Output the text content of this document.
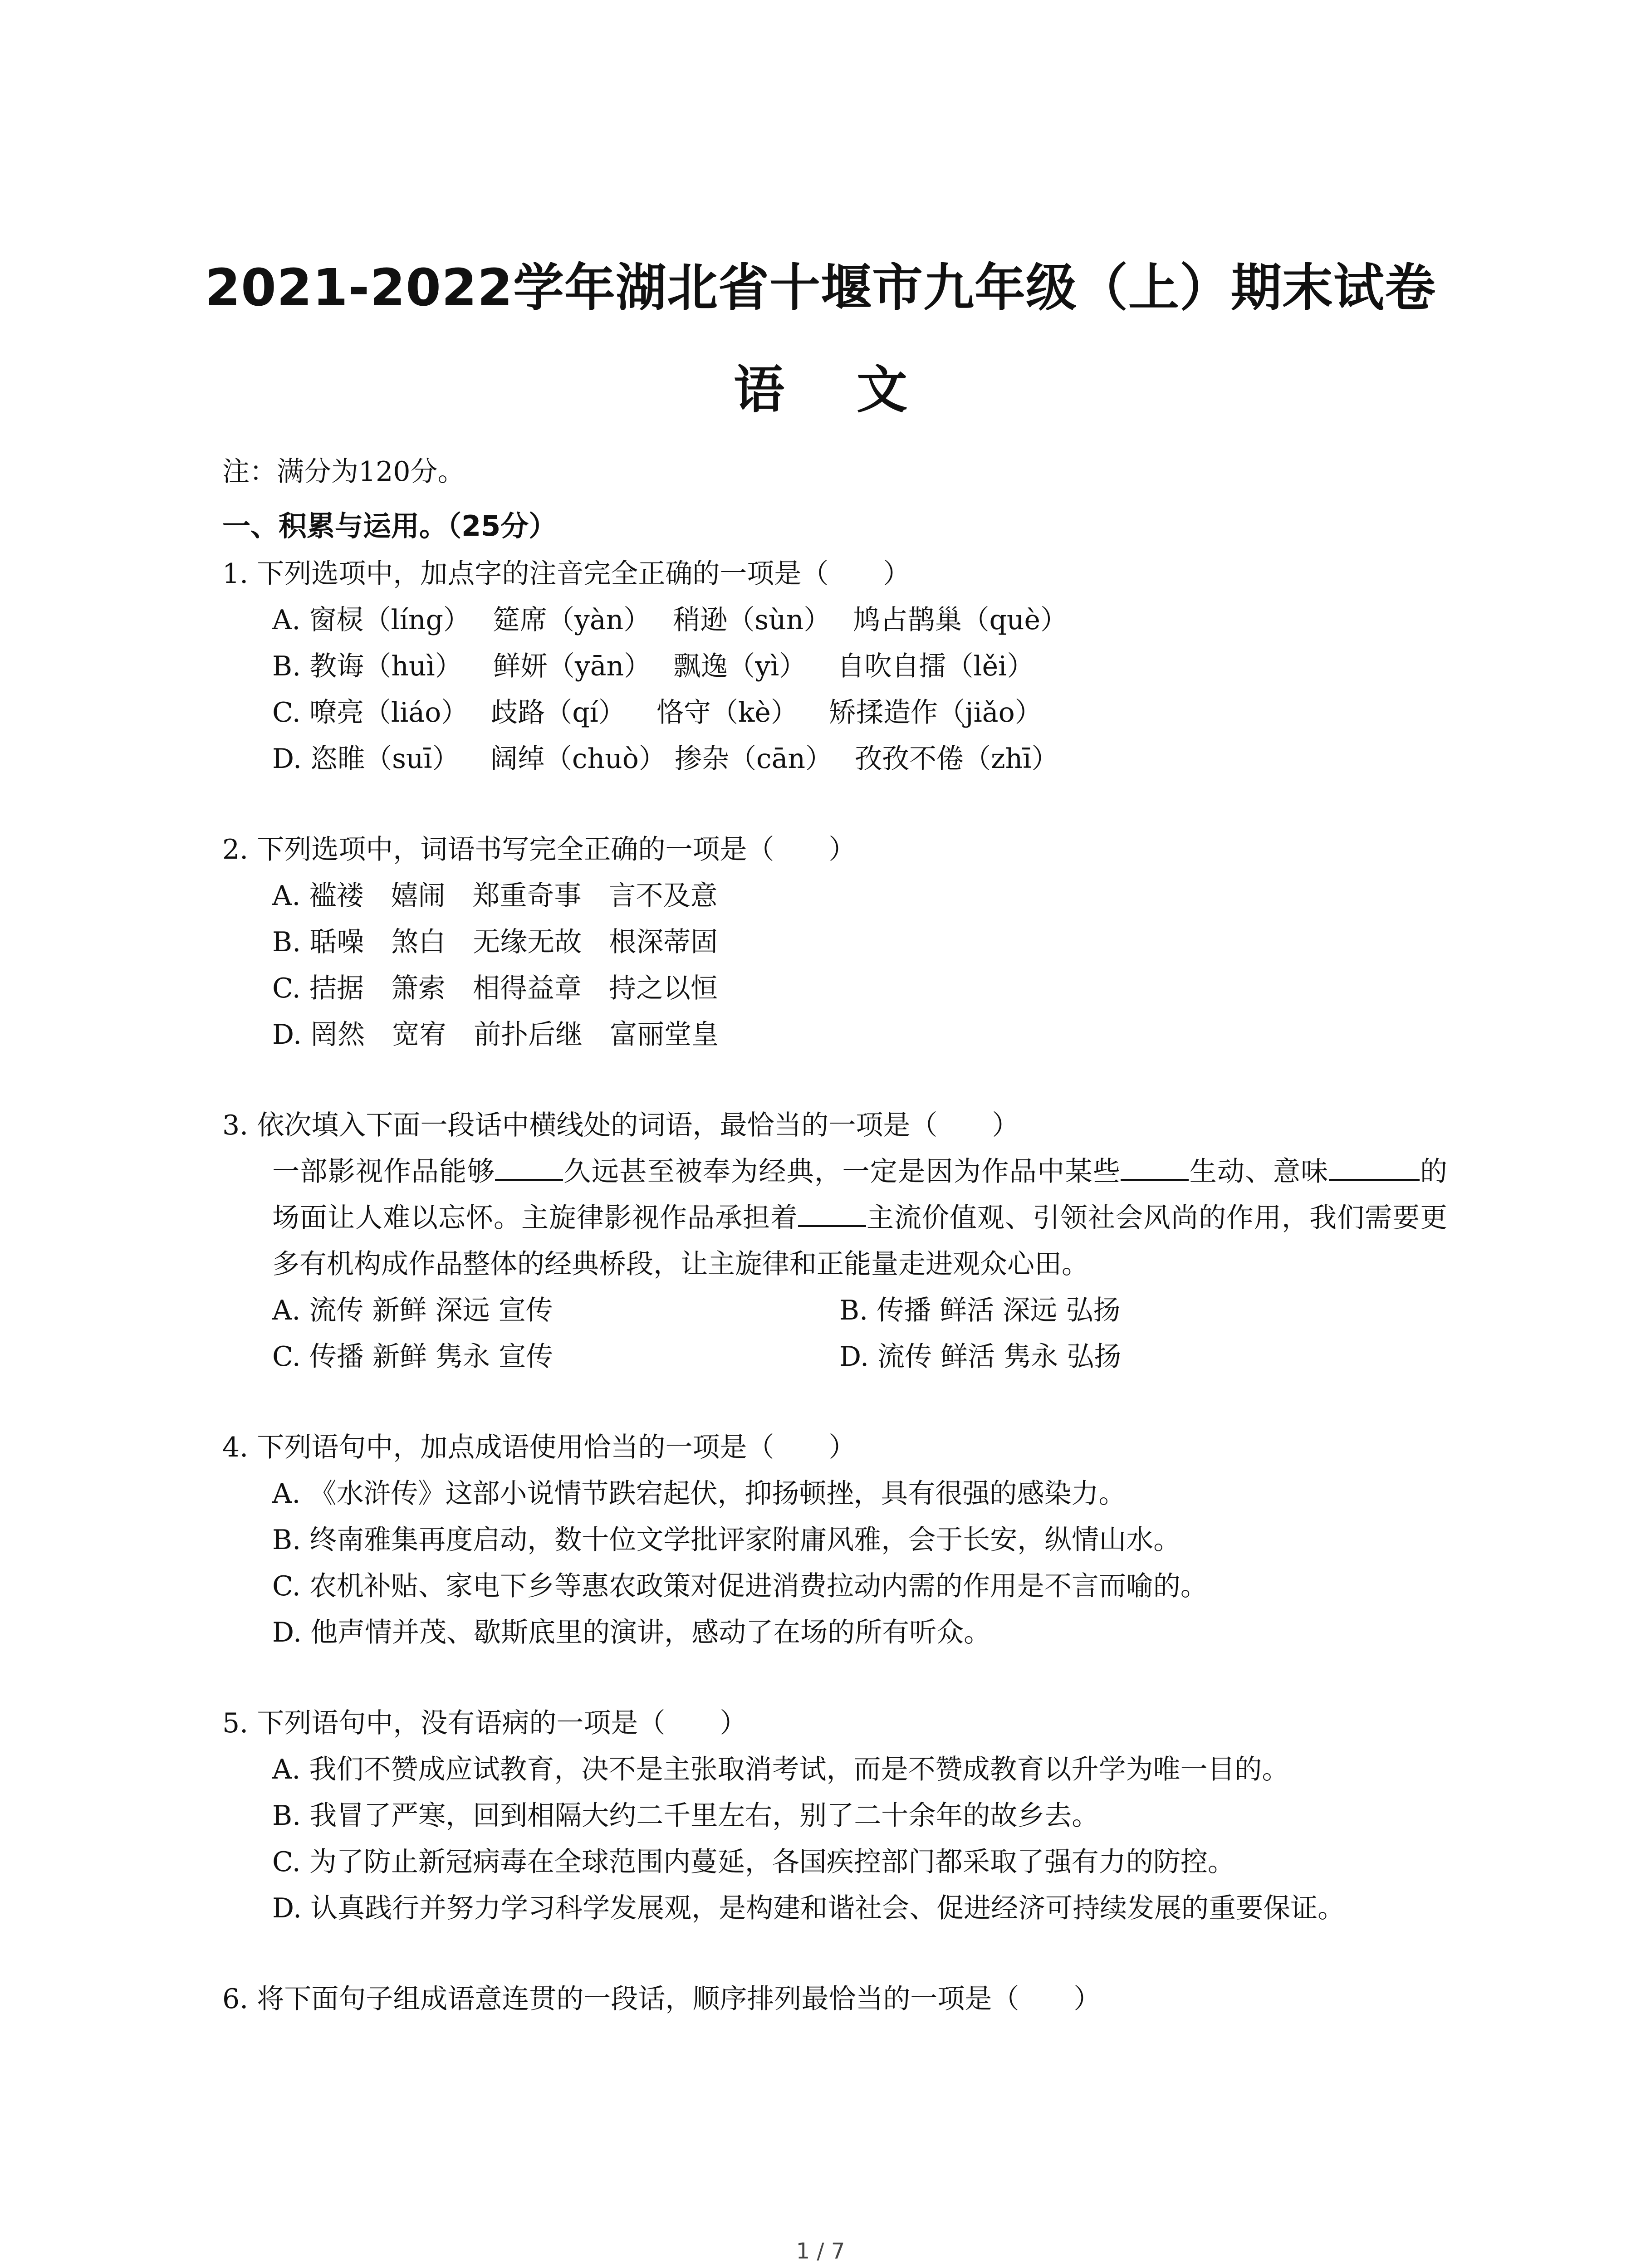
2021-2022学年湖北省十堰市九年级（上）期末试卷
语 文
注：满分为120分。
一、积累与运用。（25分）
1. 下列选项中，加点字的注音完全正确的一项是（　　）
A. 窗棂（líng）　 筵席（yàn）　 稍逊（sùn）　 鸠占鹊巢（què）
B. 教诲（huì）　  鲜妍（yān）　 飘逸（yì）　  自吹自擂（lěi）
C. 嘹亮（liáo）　 歧路（qí）　  恪守（kè）　  矫揉造作（jiǎo）
D. 恣睢（suī）　  阔绰（chuò） 掺杂（cān）　 孜孜不倦（zhī）
2. 下列选项中，词语书写完全正确的一项是（　　）
A. 褴褛　嬉闹　郑重奇事　言不及意
B. 聒噪　煞白　无缘无故　根深蒂固
C. 拮据　箫索　相得益章　持之以恒
D. 罔然　宽宥　前扑后继　富丽堂皇
3. 依次填入下面一段话中横线处的词语，最恰当的一项是（　　）
一部影视作品能够	久远甚至被奉为经典，一定是因为作品中某些	生动、意味	的场面让人难以忘怀。主旋律影视作品承担着	主流价值观、引领社会风尚的作用，我们需要更多有机构成作品整体的经典桥段，让主旋律和正能量走进观众心田。
A. 流传 新鲜 深远 宣传	B. 传播 鲜活 深远 弘扬
C. 传播 新鲜 隽永 宣传	D. 流传 鲜活 隽永 弘扬
4. 下列语句中，加点成语使用恰当的一项是（　　）
A. 《水浒传》这部小说情节跌宕起伏，抑扬顿挫，具有很强的感染力。
B. 终南雅集再度启动，数十位文学批评家附庸风雅，会于长安，纵情山水。
C. 农机补贴、家电下乡等惠农政策对促进消费拉动内需的作用是不言而喻的。
D. 他声情并茂、歇斯底里的演讲，感动了在场的所有听众。
5. 下列语句中，没有语病的一项是（　　）
A. 我们不赞成应试教育，决不是主张取消考试，而是不赞成教育以升学为唯一目的。
B. 我冒了严寒，回到相隔大约二千里左右，别了二十余年的故乡去。
C. 为了防止新冠病毒在全球范围内蔓延，各国疾控部门都采取了强有力的防控。
D. 认真践行并努力学习科学发展观，是构建和谐社会、促进经济可持续发展的重要保证。
6. 将下面句子组成语意连贯的一段话，顺序排列最恰当的一项是（　　）
1 / 7
